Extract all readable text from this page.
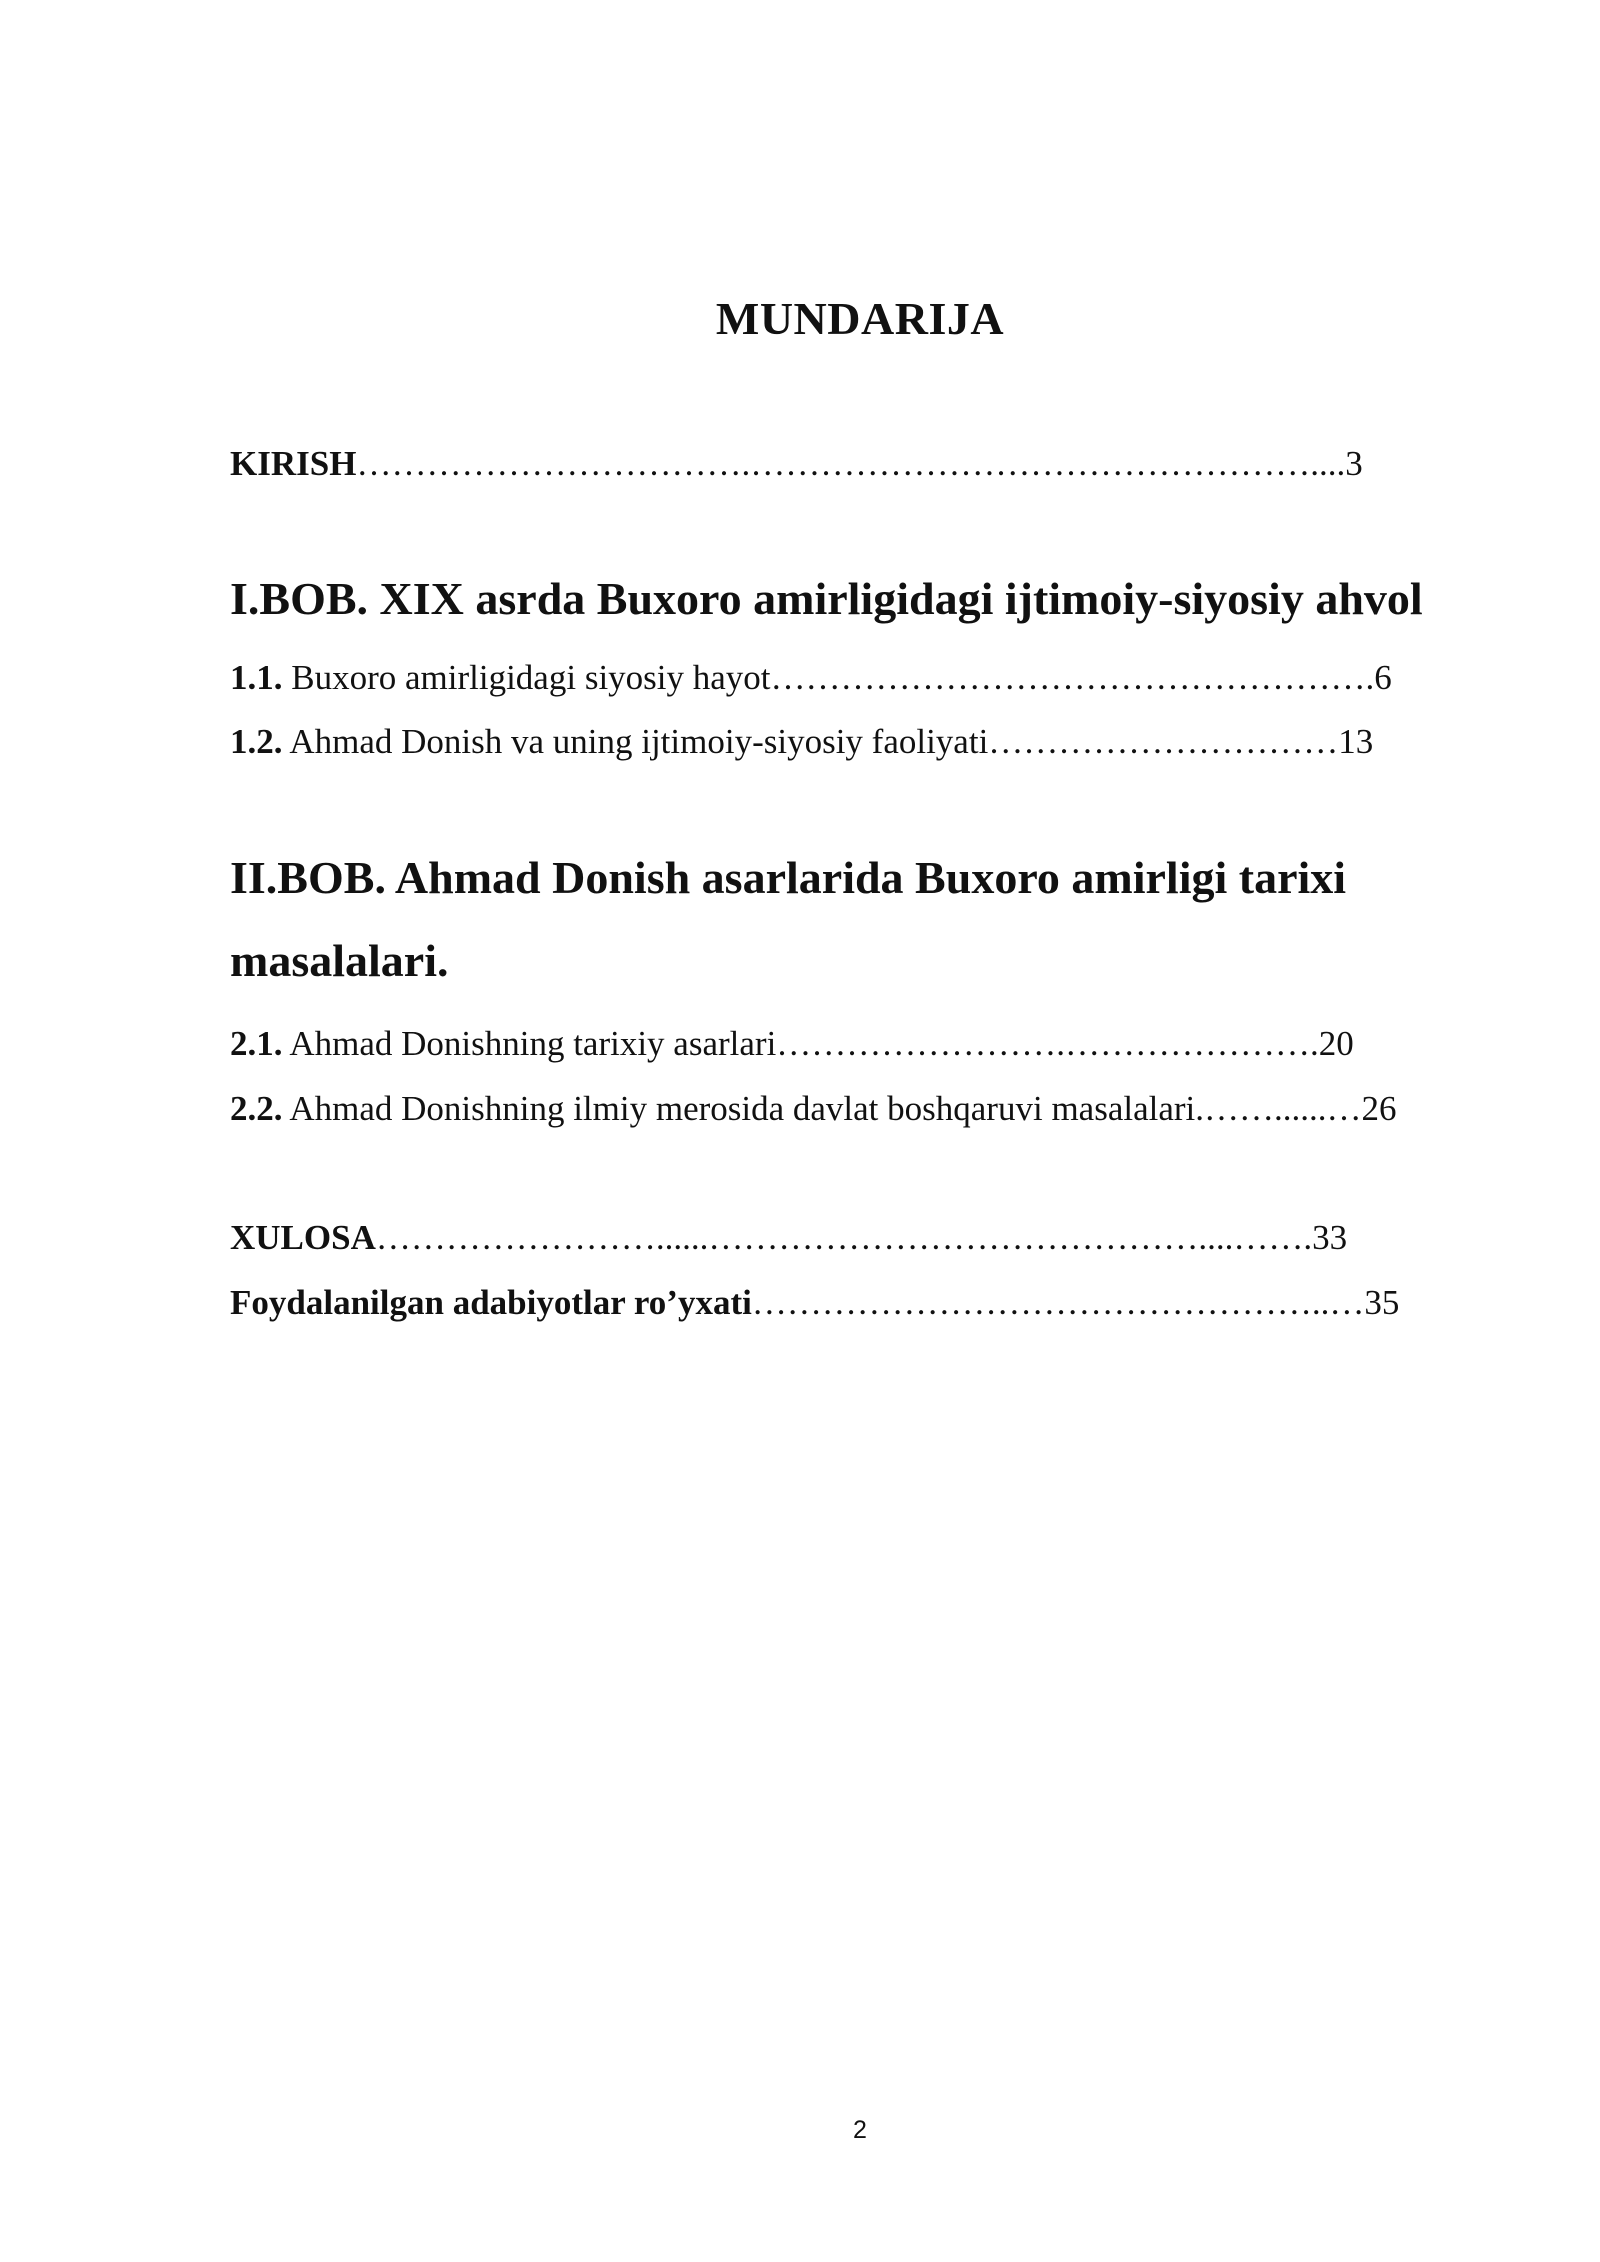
MUNDARIJA
KIRISH…………………………….…………………………………………....3
I.BOB. XIX asrda Buxoro amirligidagi ijtimoiy-siyosiy ahvol
1.1. Buxoro amirligidagi siyosiy hayot…………………………………………….6
1.2. Ahmad Donish va uning ijtimoiy-siyosiy faoliyati…………………………13
II.BOB. Ahmad Donish asarlarida Buxoro amirligi tarixi
masalalari.
2.1. Ahmad Donishning tarixiy asarlari…………………….………………….20
2.2. Ahmad Donishning ilmiy merosida davlat boshqaruvi masalalari.……......…26
XULOSA……………………......……………………………………....…….33
Foydalanilgan adabiyotlar ro’yxati…………………………………………..…35
2
